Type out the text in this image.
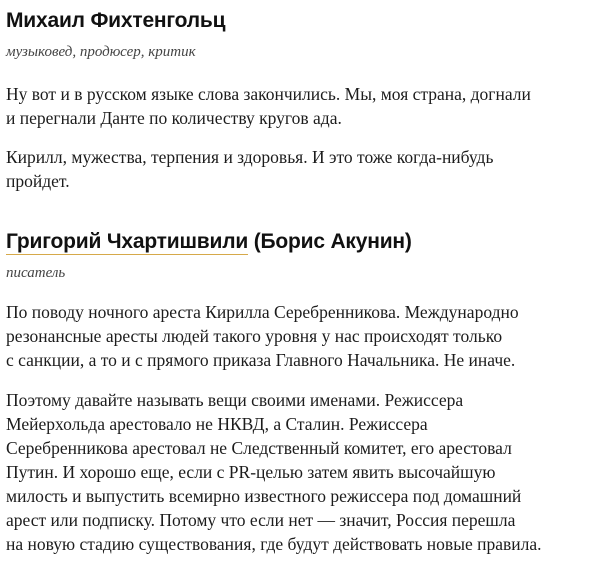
Михаил Фихтенгольц

музыковед, продюсер, критик

Ну вот и в русском языке слова закончились. Мы, моя страна, догнали
и перегнали Данте по количеству кругов ада.

Кирилл, мужества, терпения и здоровья. И это тоже когда-нибудь
пройдет.

Григорий Чхартишвили (Борис Акунин)

писатель

По поводу ночного ареста Кирилла Серебренникова. Международно
резонансные аресты людей такого уровня у нас происходят только
с санкции, а то и с прямого приказа Главного Начальника. Не иначе.

Поэтому давайте называть вещи своими именами. Режиссера
Мейерхольда арестовало не НКВД, а Сталин. Режиссера
Серебренникова арестовал не Следственный комитет, его арестовал
Путин. И хорошо еще, если с PR-целью затем явить высочайшую
милость и выпустить всемирно известного режиссера под домашний
арест или подписку. Потому что если нет — значит, Россия перешла
на новую стадию существования, где будут действовать новые правила.
